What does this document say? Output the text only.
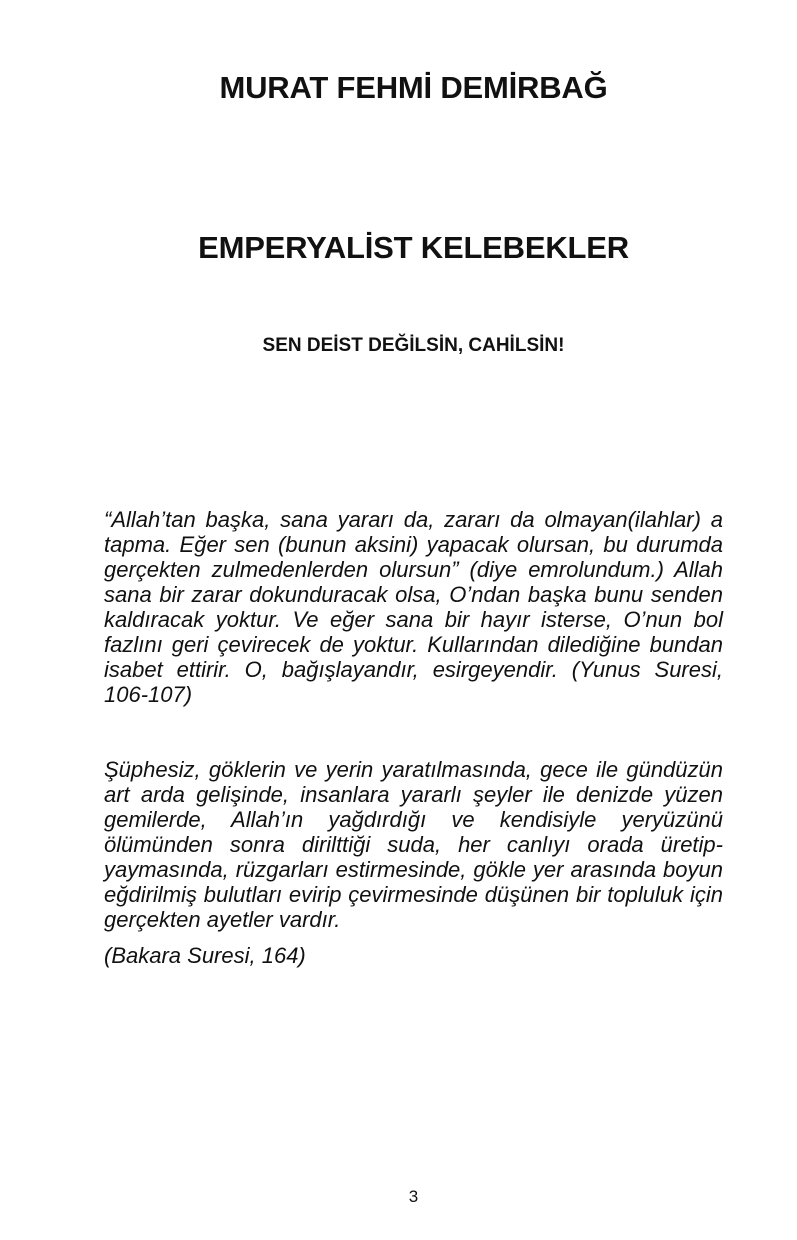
MURAT FEHMİ DEMİRBAĞ
EMPERYALİST KELEBEKLER
SEN DEİST DEĞİLSİN, CAHİLSİN!

“Allah’tan başka, sana yararı da, zararı da olmayan(ilahlar) a tapma. Eğer sen (bunun aksini) yapacak olursan, bu durumda gerçekten zulmedenlerden olursun” (diye emrolundum.) Allah sana bir zarar dokunduracak olsa, O’ndan başka bunu senden kaldıracak yoktur. Ve eğer sana bir hayır isterse, O’nun bol fazlını geri çevirecek de yoktur. Kullarından dilediğine bundan isabet ettirir. O, bağışlayandır, esirgeyendir. (Yunus Suresi, 106-107)

Şüphesiz, göklerin ve yerin yaratılmasında, gece ile gündüzün art arda gelişinde, insanlara yararlı şeyler ile denizde yüzen gemilerde, Allah’ın yağdırdığı ve kendisiyle yeryüzünü ölümünden sonra dirilttiği suda, her canlıyı orada üretip-yaymasında, rüzgarları estirmesinde, gökle yer arasında boyun eğdirilmiş bulutları evirip çevirmesinde düşünen bir topluluk için gerçekten ayetler vardır.

(Bakara Suresi, 164)
3
